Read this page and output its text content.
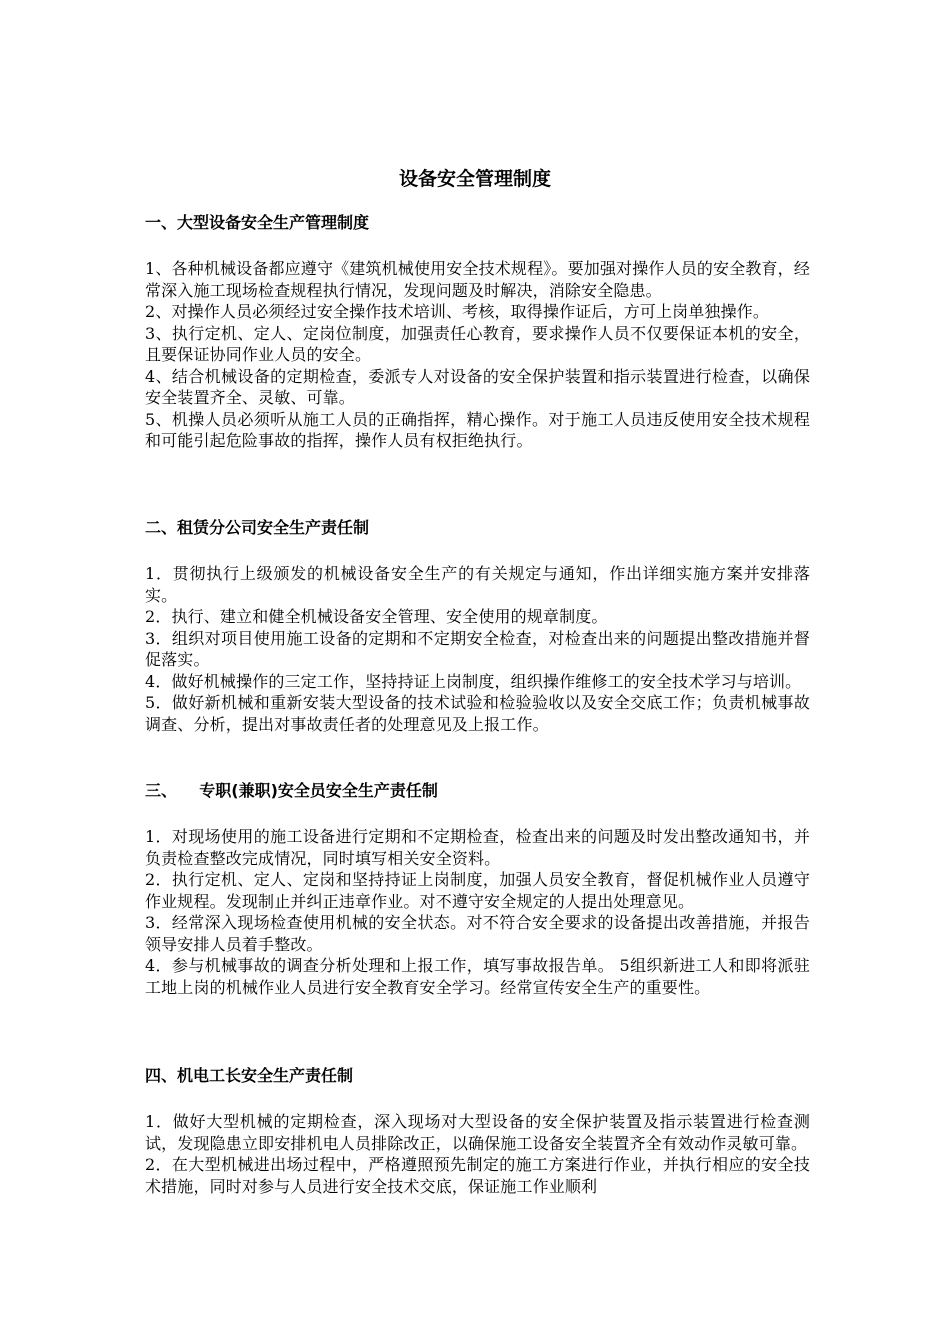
设备安全管理制度
一、大型设备安全生产管理制度

1、各种机械设备都应遵守《建筑机械使用安全技术规程》。要加强对操作人员的安全教育，经常深入施工现场检查规程执行情况，发现问题及时解决，消除安全隐患。

2、对操作人员必须经过安全操作技术培训、考核，取得操作证后，方可上岗单独操作。

3、执行定机、定人、定岗位制度，加强责任心教育，要求操作人员不仅要保证本机的安全，且要保证协同作业人员的安全。

4、结合机械设备的定期检查，委派专人对设备的安全保护装置和指示装置进行检查，以确保安全装置齐全、灵敏、可靠。

5、机操人员必须听从施工人员的正确指挥，精心操作。对于施工人员违反使用安全技术规程和可能引起危险事故的指挥，操作人员有权拒绝执行。

二、租赁分公司安全生产责任制

1．贯彻执行上级颁发的机械设备安全生产的有关规定与通知，作出详细实施方案并安排落实。

2．执行、建立和健全机械设备安全管理、安全使用的规章制度。

3．组织对项目使用施工设备的定期和不定期安全检查，对检查出来的问题提出整改措施并督促落实。

4．做好机械操作的三定工作，坚持持证上岗制度，组织操作维修工的安全技术学习与培训。

5．做好新机械和重新安装大型设备的技术试验和检验验收以及安全交底工作；负责机械事故调查、分析，提出对事故责任者的处理意见及上报工作。

三、    专职(兼职)安全员安全生产责任制

1．对现场使用的施工设备进行定期和不定期检查，检查出来的问题及时发出整改通知书，并负责检查整改完成情况，同时填写相关安全资料。

2．执行定机、定人、定岗和坚持持证上岗制度，加强人员安全教育，督促机械作业人员遵守作业规程。发现制止并纠正违章作业。对不遵守安全规定的人提出处理意见。

3．经常深入现场检查使用机械的安全状态。对不符合安全要求的设备提出改善措施，并报告领导安排人员着手整改。

4．参与机械事故的调查分析处理和上报工作，填写事故报告单。 5组织新进工人和即将派驻工地上岗的机械作业人员进行安全教育安全学习。经常宣传安全生产的重要性。

四、机电工长安全生产责任制

1．做好大型机械的定期检查，深入现场对大型设备的安全保护装置及指示装置进行检查测试，发现隐患立即安排机电人员排除改正，以确保施工设备安全装置齐全有效动作灵敏可靠。

2．在大型机械进出场过程中，严格遵照预先制定的施工方案进行作业，并执行相应的安全技术措施，同时对参与人员进行安全技术交底，保证施工作业顺利
